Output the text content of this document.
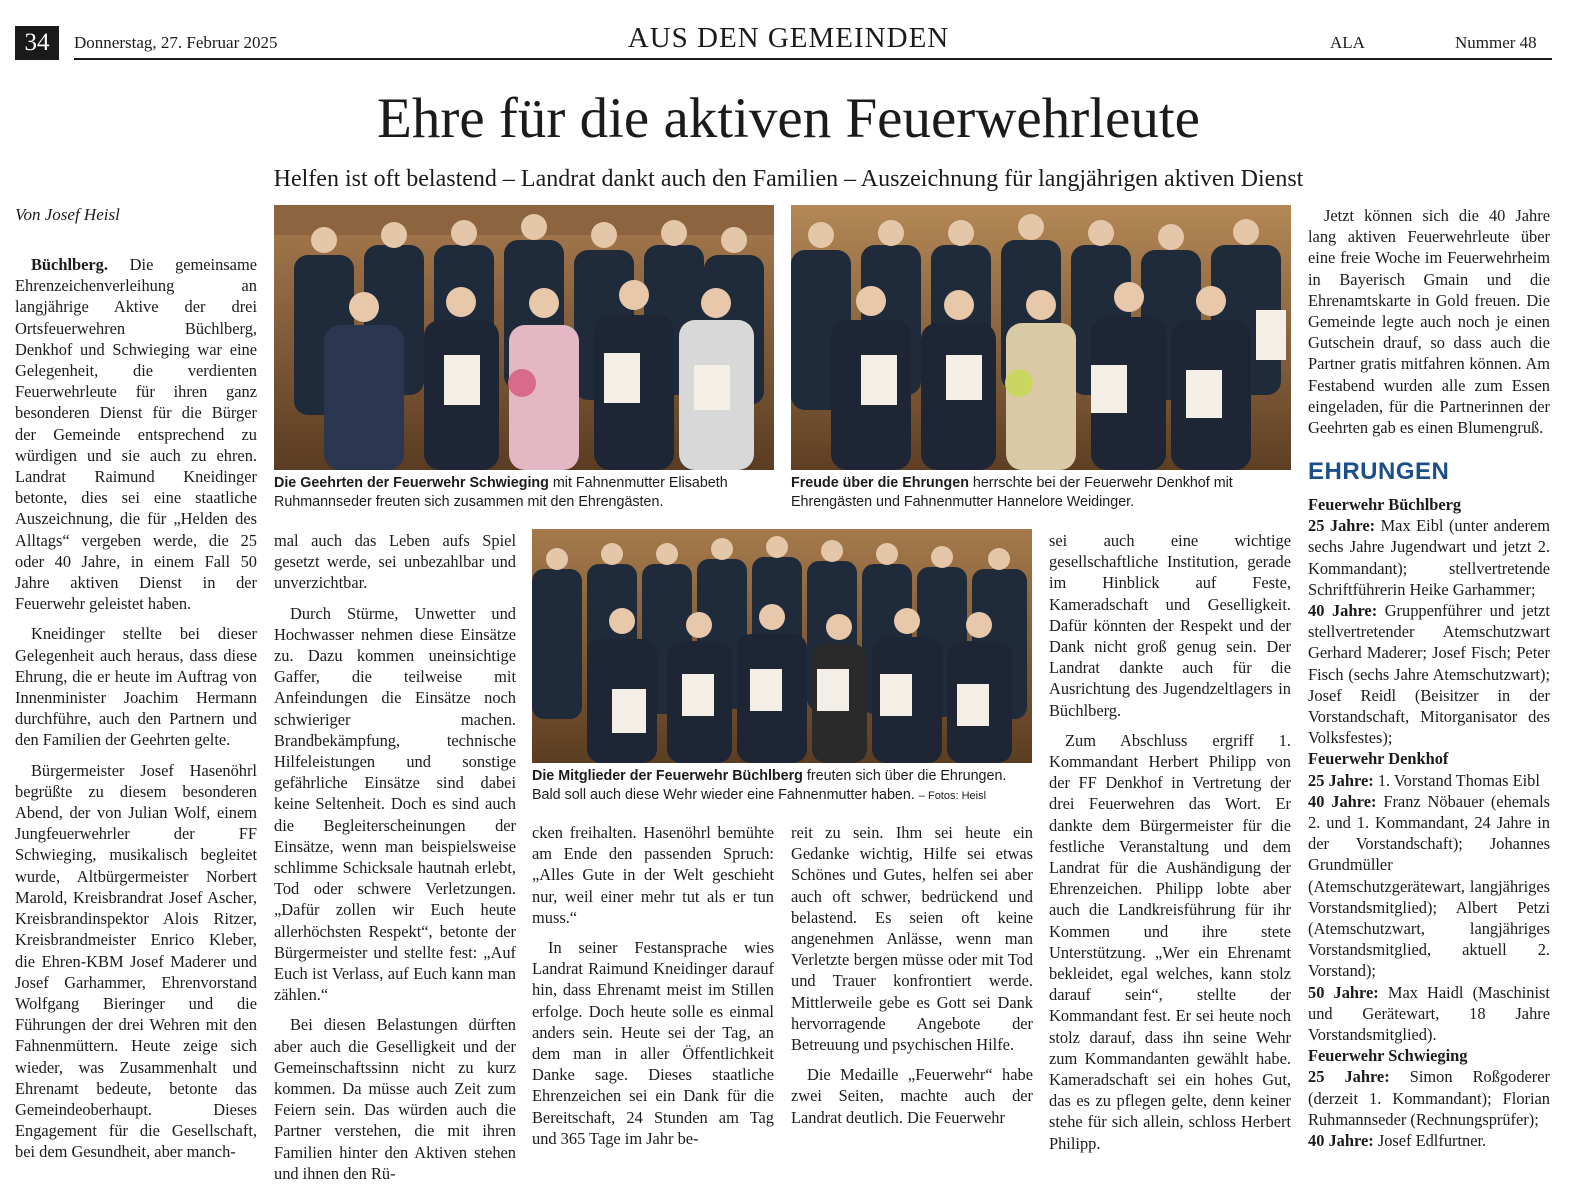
34	Donnerstag, 27. Februar 2025	AUS DEN GEMEINDEN	ALA	Nummer 48
Ehre für die aktiven Feuerwehrleute
Helfen ist oft belastend – Landrat dankt auch den Familien – Auszeichnung für langjährigen aktiven Dienst
Von Josef Heisl

Büchlberg. Die gemeinsame Ehrenzeichenverleihung an langjährige Aktive der drei Ortsfeuerwehren Büchlberg, Denkhof und Schwieging war eine Gelegenheit, die verdienten Feuerwehrleute für ihren ganz besonderen Dienst für die Bürger der Gemeinde entsprechend zu würdigen und sie auch zu ehren. Landrat Raimund Kneidinger betonte, dies sei eine staatliche Auszeichnung, die für „Helden des Alltags“ vergeben werde, die 25 oder 40 Jahre, in einem Fall 50 Jahre aktiven Dienst in der Feuerwehr geleistet haben.

Kneidinger stellte bei dieser Gelegenheit auch heraus, dass diese Ehrung, die er heute im Auftrag von Innenminister Joachim Hermann durchführe, auch den Partnern und den Familien der Geehrten gelte.

Bürgermeister Josef Hasenöhrl begrüßte zu diesem besonderen Abend, der von Julian Wolf, einem Jungfeuerwehrler der FF Schwieging, musikalisch begleitet wurde, Altbürgermeister Norbert Marold, Kreisbrandrat Josef Ascher, Kreisbrandinspektor Alois Ritzer, Kreisbrandmeister Enrico Kleber, die Ehren-KBM Josef Maderer und Josef Garhammer, Ehrenvorstand Wolfgang Bieringer und die Führungen der drei Wehren mit den Fahnenmüttern. Heute zeige sich wieder, was Zusammenhalt und Ehrenamt bedeute, betonte das Gemeindeoberhaupt. Dieses Engagement für die Gesellschaft, bei dem Gesundheit, aber manch-

Die Geehrten der Feuerwehr Schwieging mit Fahnenmutter Elisabeth Ruhmannseder freuten sich zusammen mit den Ehrengästen.
Freude über die Ehrungen herrschte bei der Feuerwehr Denkhof mit Ehrengästen und Fahnenmutter Hannelore Weidinger.

Jetzt können sich die 40 Jahre lang aktiven Feuerwehrleute über eine freie Woche im Feuerwehrheim in Bayerisch Gmain und die Ehrenamtskarte in Gold freuen. Die Gemeinde legte auch noch je einen Gutschein drauf, so dass auch die Partner gratis mitfahren können. Am Festabend wurden alle zum Essen eingeladen, für die Partnerinnen der Geehrten gab es einen Blumengruß.

EHRUNGEN
Feuerwehr Büchlberg
25 Jahre: Max Eibl (unter anderem sechs Jahre Jugendwart und jetzt 2. Kommandant); stellvertretende Schriftführerin Heike Garhammer;
40 Jahre: Gruppenführer und jetzt stellvertretender Atemschutzwart Gerhard Maderer; Josef Fisch; Peter Fisch (sechs Jahre Atemschutzwart); Josef Reidl (Beisitzer in der Vorstandschaft, Mitorganisator des Volksfestes);
Feuerwehr Denkhof
25 Jahre: 1. Vorstand Thomas Eibl
40 Jahre: Franz Nöbauer (ehemals 2. und 1. Kommandant, 24 Jahre in der Vorstandschaft); Johannes Grundmüller (Atemschutzgerätewart, langjähriges Vorstandsmitglied); Albert Petzi (Atemschutzwart, langjähriges Vorstandsmitglied, aktuell 2. Vorstand);
50 Jahre: Max Haidl (Maschinist und Gerätewart, 18 Jahre Vorstandsmitglied).
Feuerwehr Schwieging
25 Jahre: Simon Roßgoderer (derzeit 1. Kommandant); Florian Ruhmannseder (Rechnungsprüfer);
40 Jahre: Josef Edlfurtner.

mal auch das Leben aufs Spiel gesetzt werde, sei unbezahlbar und unverzichtbar.

Durch Stürme, Unwetter und Hochwasser nehmen diese Einsätze zu. Dazu kommen uneinsichtige Gaffer, die teilweise mit Anfeindungen die Einsätze noch schwieriger machen. Brandbekämpfung, technische Hilfeleistungen und sonstige gefährliche Einsätze sind dabei keine Seltenheit. Doch es sind auch die Begleiterscheinungen der Einsätze, wenn man beispielsweise schlimme Schicksale hautnah erlebt, Tod oder schwere Verletzungen. „Dafür zollen wir Euch heute allerhöchsten Respekt“, betonte der Bürgermeister und stellte fest: „Auf Euch ist Verlass, auf Euch kann man zählen.“

Bei diesen Belastungen dürften aber auch die Geselligkeit und der Gemeinschaftssinn nicht zu kurz kommen. Da müsse auch Zeit zum Feiern sein. Das würden auch die Partner verstehen, die mit ihren Familien hinter den Aktiven stehen und ihnen den Rü-

Die Mitglieder der Feuerwehr Büchlberg freuten sich über die Ehrungen. Bald soll auch diese Wehr wieder eine Fahnenmutter haben. – Fotos: Heisl

cken freihalten. Hasenöhrl bemühte am Ende den passenden Spruch: „Alles Gute in der Welt geschieht nur, weil einer mehr tut als er tun muss.“

In seiner Festansprache wies Landrat Raimund Kneidinger darauf hin, dass Ehrenamt meist im Stillen erfolge. Doch heute solle es einmal anders sein. Heute sei der Tag, an dem man in aller Öffentlichkeit Danke sage. Dieses staatliche Ehrenzeichen sei ein Dank für die Bereitschaft, 24 Stunden am Tag und 365 Tage im Jahr be-

reit zu sein. Ihm sei heute ein Gedanke wichtig, Hilfe sei etwas Schönes und Gutes, helfen sei aber auch oft schwer, bedrückend und belastend. Es seien oft keine angenehmen Anlässe, wenn man Verletzte bergen müsse oder mit Tod und Trauer konfrontiert werde. Mittlerweile gebe es Gott sei Dank hervorragende Angebote der Betreuung und psychischen Hilfe.

Die Medaille „Feuerwehr“ habe zwei Seiten, machte auch der Landrat deutlich. Die Feuerwehr

sei auch eine wichtige gesellschaftliche Institution, gerade im Hinblick auf Feste, Kameradschaft und Geselligkeit. Dafür könnten der Respekt und der Dank nicht groß genug sein. Der Landrat dankte auch für die Ausrichtung des Jugendzeltlagers in Büchlberg.

Zum Abschluss ergriff 1. Kommandant Herbert Philipp von der FF Denkhof in Vertretung der drei Feuerwehren das Wort. Er dankte dem Bürgermeister für die festliche Veranstaltung und dem Landrat für die Aushändigung der Ehrenzeichen. Philipp lobte aber auch die Landkreisführung für ihr Kommen und ihre stete Unterstützung. „Wer ein Ehrenamt bekleidet, egal welches, kann stolz darauf sein“, stellte der Kommandant fest. Er sei heute noch stolz darauf, dass ihn seine Wehr zum Kommandanten gewählt habe. Kameradschaft sei ein hohes Gut, das es zu pflegen gelte, denn keiner stehe für sich allein, schloss Herbert Philipp.
